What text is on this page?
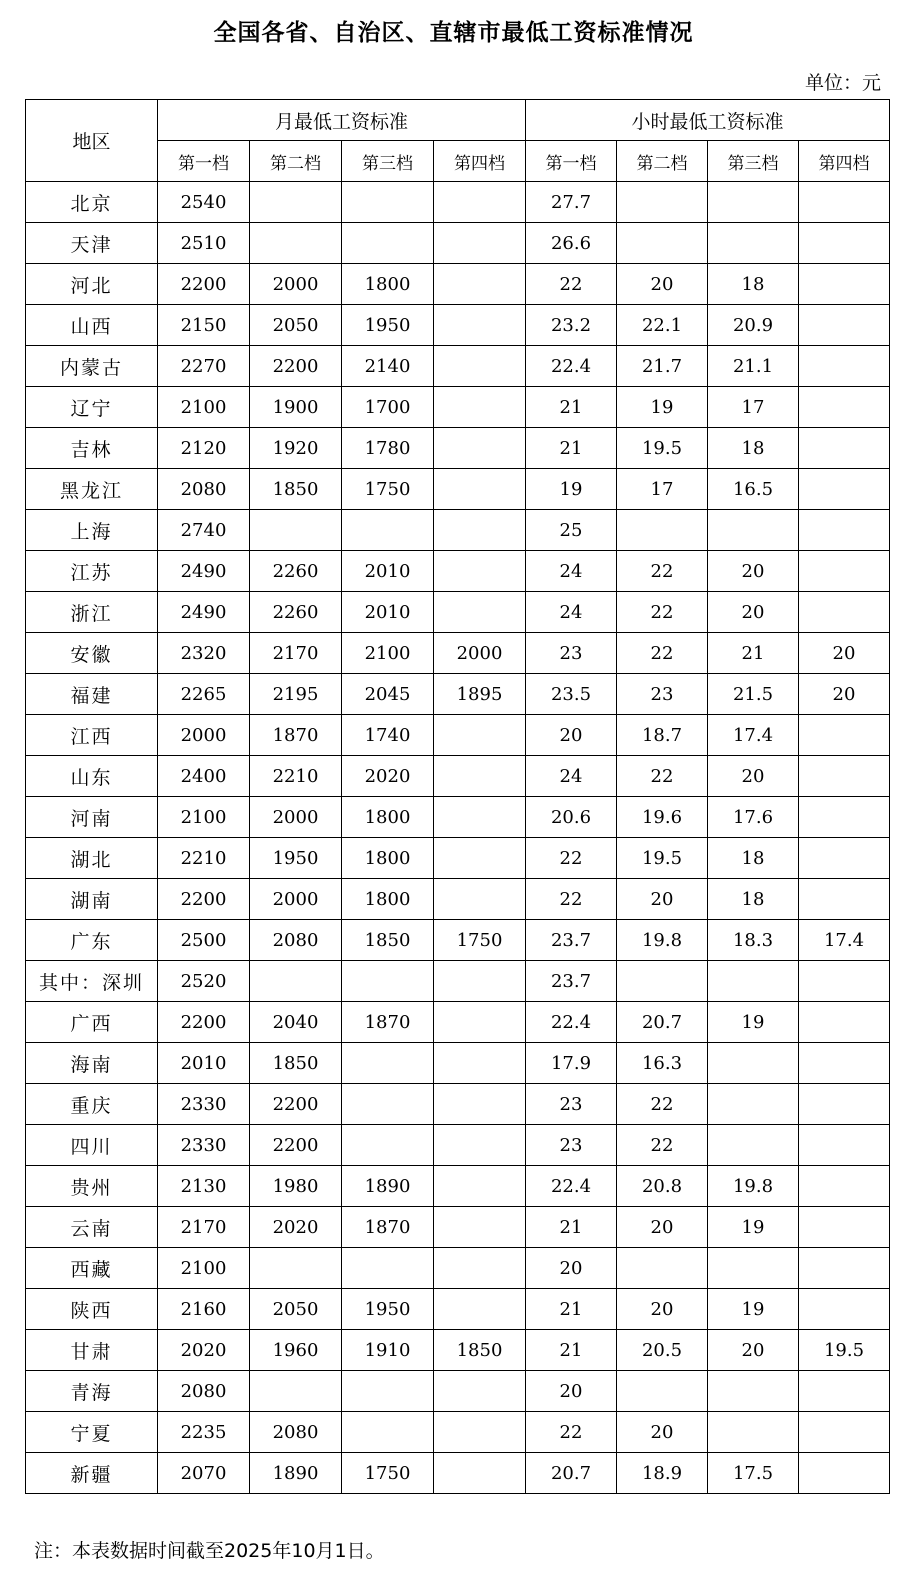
全国各省、自治区、直辖市最低工资标准情况
单位：元
地区	月最低工资标准				小时最低工资标准			
	第一档	第二档	第三档	第四档	第一档	第二档	第三档	第四档
北京	2540				27.7			
天津	2510				26.6			
河北	2200	2000	1800		22	20	18	
山西	2150	2050	1950		23.2	22.1	20.9	
内蒙古	2270	2200	2140		22.4	21.7	21.1	
辽宁	2100	1900	1700		21	19	17	
吉林	2120	1920	1780		21	19.5	18	
黑龙江	2080	1850	1750		19	17	16.5	
上海	2740				25			
江苏	2490	2260	2010		24	22	20	
浙江	2490	2260	2010		24	22	20	
安徽	2320	2170	2100	2000	23	22	21	20
福建	2265	2195	2045	1895	23.5	23	21.5	20
江西	2000	1870	1740		20	18.7	17.4	
山东	2400	2210	2020		24	22	20	
河南	2100	2000	1800		20.6	19.6	17.6	
湖北	2210	1950	1800		22	19.5	18	
湖南	2200	2000	1800		22	20	18	
广东	2500	2080	1850	1750	23.7	19.8	18.3	17.4
其中：深圳	2520				23.7			
广西	2200	2040	1870		22.4	20.7	19	
海南	2010	1850			17.9	16.3		
重庆	2330	2200			23	22		
四川	2330	2200			23	22		
贵州	2130	1980	1890		22.4	20.8	19.8	
云南	2170	2020	1870		21	20	19	
西藏	2100				20			
陕西	2160	2050	1950		21	20	19	
甘肃	2020	1960	1910	1850	21	20.5	20	19.5
青海	2080				20			
宁夏	2235	2080			22	20		
新疆	2070	1890	1750		20.7	18.9	17.5	
注：本表数据时间截至2025年10月1日。
